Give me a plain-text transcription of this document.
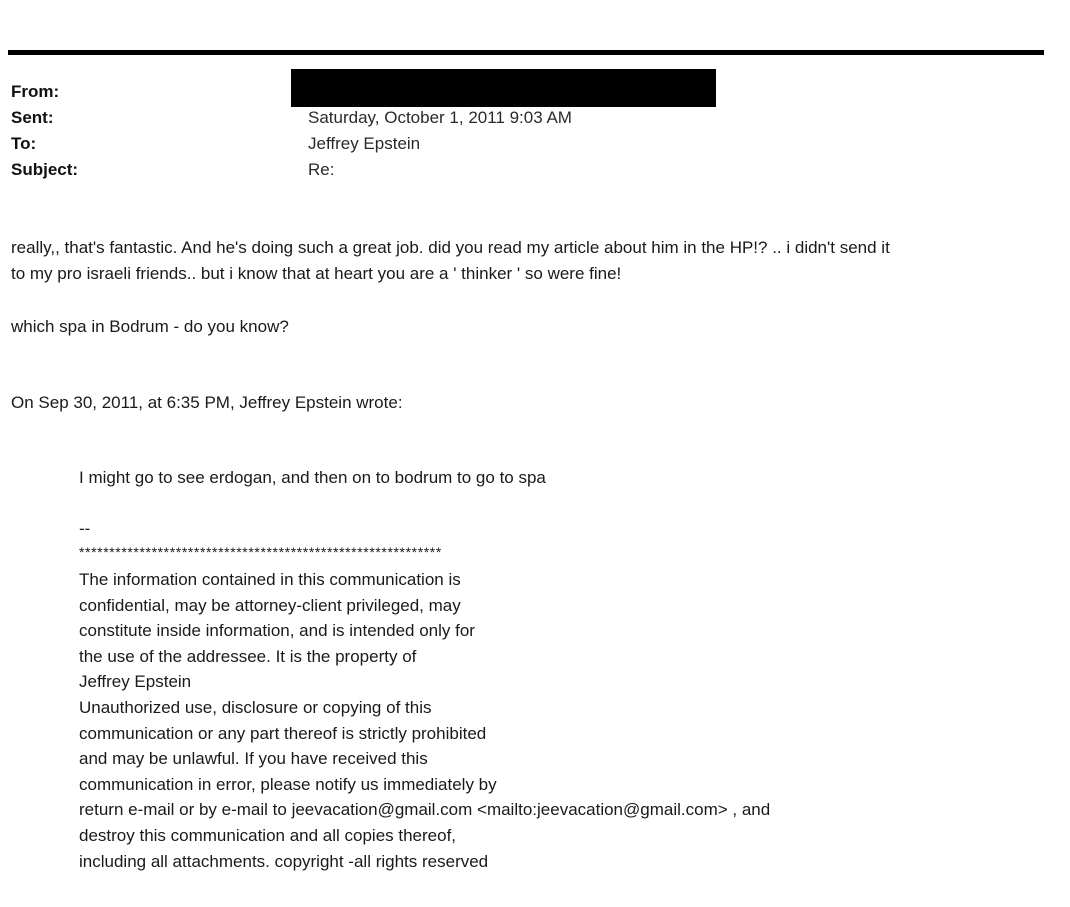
From:
Sent:
To:
Subject:
Saturday, October 1, 2011 9:03 AM
Jeffrey Epstein
Re:
really,, that's fantastic. And he's doing such a great job. did you read my article about him in the HP!? .. i didn't send it
to my pro israeli friends.. but i know that at heart you are a ' thinker ' so were fine!
which spa in Bodrum - do you know?
On Sep 30, 2011, at 6:35 PM, Jeffrey Epstein wrote:
I might go to see erdogan, and then on to bodrum to go to spa
--
************************************************************
The information contained in this communication is
confidential, may be attorney-client privileged, may
constitute inside information, and is intended only for
the use of the addressee. It is the property of
Jeffrey Epstein
Unauthorized use, disclosure or copying of this
communication or any part thereof is strictly prohibited
and may be unlawful. If you have received this
communication in error, please notify us immediately by
return e-mail or by e-mail to jeevacation@gmail.com <mailto:jeevacation@gmail.com> , and
destroy this communication and all copies thereof,
including all attachments. copyright -all rights reserved
